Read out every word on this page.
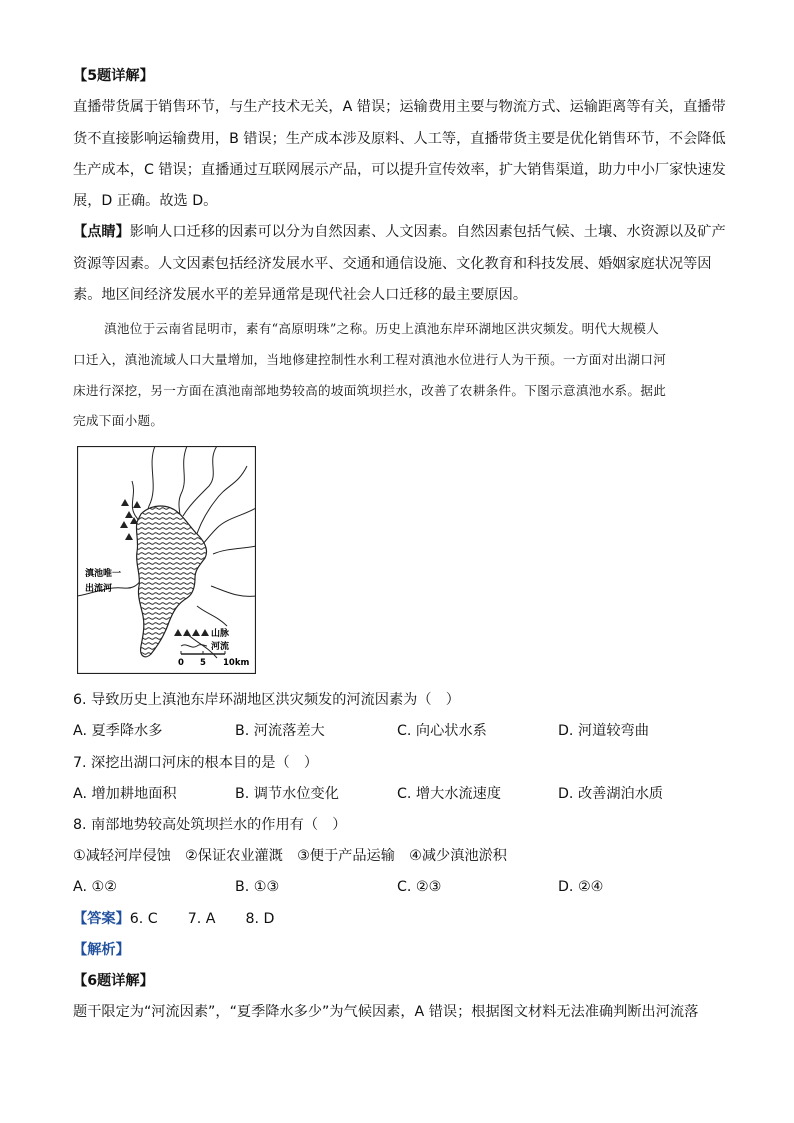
【5题详解】
直播带货属于销售环节，与生产技术无关，A 错误；运输费用主要与物流方式、运输距离等有关，直播带
货不直接影响运输费用，B 错误；生产成本涉及原料、人工等，直播带货主要是优化销售环节，不会降低
生产成本，C 错误；直播通过互联网展示产品，可以提升宣传效率，扩大销售渠道，助力中小厂家快速发
展，D 正确。故选 D。
【点睛】影响人口迁移的因素可以分为自然因素、人文因素。自然因素包括气候、土壤、水资源以及矿产
资源等因素。人文因素包括经济发展水平、交通和通信设施、文化教育和科技发展、婚姻家庭状况等因
素。地区间经济发展水平的差异通常是现代社会人口迁移的最主要原因。
滇池位于云南省昆明市，素有“高原明珠”之称。历史上滇池东岸环湖地区洪灾频发。明代大规模人
口迁入，滇池流域人口大量增加，当地修建控制性水利工程对滇池水位进行人为干预。一方面对出湖口河
床进行深挖，另一方面在滇池南部地势较高的坡面筑坝拦水，改善了农耕条件。下图示意滇池水系。据此
完成下面小题。
滇池唯一
出流河
山脉
河流
0 5 10km
6. 导致历史上滇池东岸环湖地区洪灾频发的河流因素为（　）
A. 夏季降水多	B. 河流落差大	C. 向心状水系	D. 河道较弯曲
7. 深挖出湖口河床的根本目的是（　）
A. 增加耕地面积	B. 调节水位变化	C. 增大水流速度	D. 改善湖泊水质
8. 南部地势较高处筑坝拦水的作用有（　）
①减轻河岸侵蚀　②保证农业灌溉　③便于产品运输　④减少滇池淤积
A. ①②	B. ①③	C. ②③	D. ②④
【答案】6. C 7. A 8. D
【解析】
【6题详解】
题干限定为“河流因素”，“夏季降水多少”为气候因素，A 错误；根据图文材料无法准确判断出河流落
